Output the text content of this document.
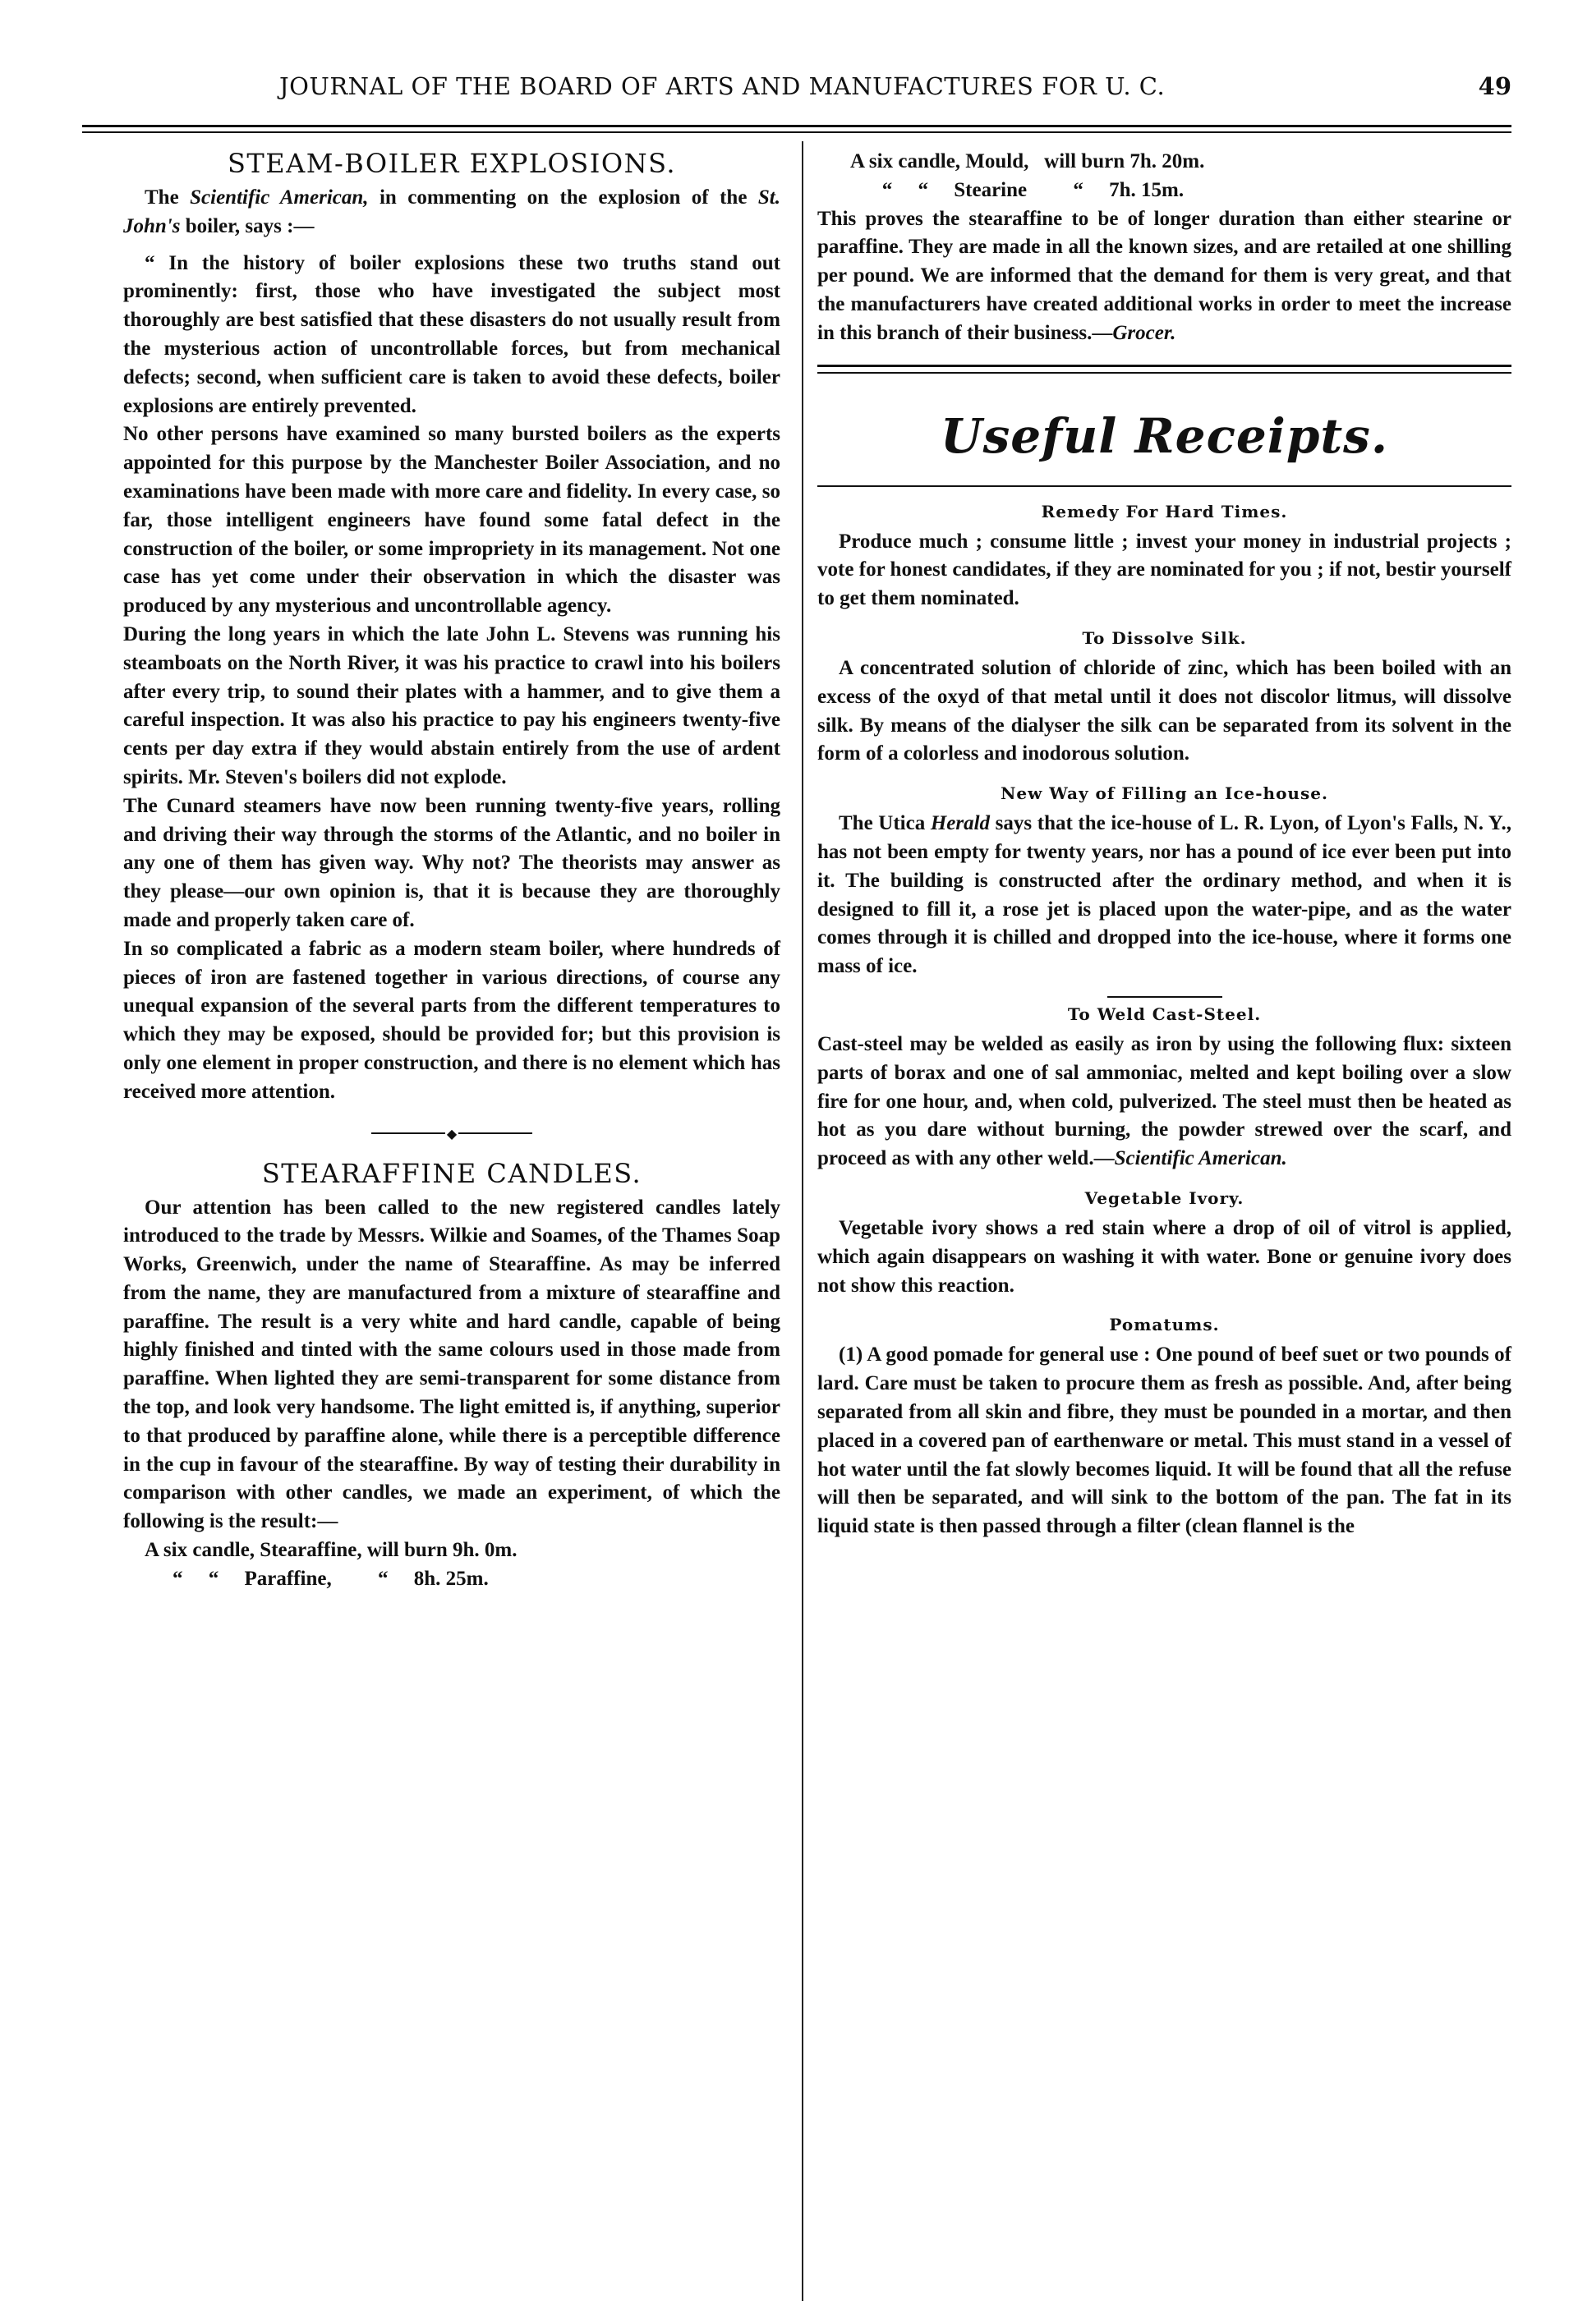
JOURNAL OF THE BOARD OF ARTS AND MANUFACTURES FOR U. C.	49
STEAM-BOILER EXPLOSIONS.

The Scientific American, in commenting on the explosion of the St. John's boiler, says :—

“ In the history of boiler explosions these two truths stand out prominently: first, those who have investigated the subject most thoroughly are best satisfied that these disasters do not usually result from the mysterious action of uncontrollable forces, but from mechanical defects; second, when sufficient care is taken to avoid these defects, boiler explosions are entirely prevented.

No other persons have examined so many bursted boilers as the experts appointed for this purpose by the Manchester Boiler Association, and no examinations have been made with more care and fidelity. In every case, so far, those intelligent engineers have found some fatal defect in the construction of the boiler, or some impropriety in its management. Not one case has yet come under their observation in which the disaster was produced by any mysterious and uncontrollable agency.

During the long years in which the late John L. Stevens was running his steamboats on the North River, it was his practice to crawl into his boilers after every trip, to sound their plates with a hammer, and to give them a careful inspection. It was also his practice to pay his engineers twenty-five cents per day extra if they would abstain entirely from the use of ardent spirits. Mr. Steven's boilers did not explode.

The Cunard steamers have now been running twenty-five years, rolling and driving their way through the storms of the Atlantic, and no boiler in any one of them has given way. Why not? The theorists may answer as they please—our own opinion is, that it is because they are thoroughly made and properly taken care of.

In so complicated a fabric as a modern steam boiler, where hundreds of pieces of iron are fastened together in various directions, of course any unequal expansion of the several parts from the different temperatures to which they may be exposed, should be provided for; but this provision is only one element in proper construction, and there is no element which has received more attention.

◆
STEARAFFINE CANDLES.

Our attention has been called to the new registered candles lately introduced to the trade by Messrs. Wilkie and Soames, of the Thames Soap Works, Greenwich, under the name of Stearaffine. As may be inferred from the name, they are manufactured from a mixture of stearaffine and paraffine. The result is a very white and hard candle, capable of being highly finished and tinted with the same colours used in those made from paraffine. When lighted they are semi-transparent for some distance from the top, and look very handsome. The light emitted is, if anything, superior to that produced by paraffine alone, while there is a perceptible difference in the cup in favour of the stearaffine. By way of testing their durability in comparison with other candles, we made an experiment, of which the following is the result:—

A six candle, Stearaffine, will burn 9h. 0m.
“     “     Paraffine,         “     8h. 25m.
A six candle, Mould,   will burn 7h. 20m.
“     “     Stearine         “     7h. 15m.

This proves the stearaffine to be of longer duration than either stearine or paraffine. They are made in all the known sizes, and are retailed at one shilling per pound. We are informed that the demand for them is very great, and that the manufacturers have created additional works in order to meet the increase in this branch of their business.—Grocer.

Useful Receipts.
Remedy For Hard Times.

Produce much ; consume little ; invest your money in industrial projects ; vote for honest candidates, if they are nominated for you ; if not, bestir yourself to get them nominated.

To Dissolve Silk.

A concentrated solution of chloride of zinc, which has been boiled with an excess of the oxyd of that metal until it does not discolor litmus, will dissolve silk. By means of the dialyser the silk can be separated from its solvent in the form of a colorless and inodorous solution.

New Way of Filling an Ice-house.

The Utica Herald says that the ice-house of L. R. Lyon, of Lyon's Falls, N. Y., has not been empty for twenty years, nor has a pound of ice ever been put into it. The building is constructed after the ordinary method, and when it is designed to fill it, a rose jet is placed upon the water-pipe, and as the water comes through it is chilled and dropped into the ice-house, where it forms one mass of ice.

To Weld Cast-Steel.

Cast-steel may be welded as easily as iron by using the following flux: sixteen parts of borax and one of sal ammoniac, melted and kept boiling over a slow fire for one hour, and, when cold, pulverized. The steel must then be heated as hot as you dare without burning, the powder strewed over the scarf, and proceed as with any other weld.—Scientific American.

Vegetable Ivory.

Vegetable ivory shows a red stain where a drop of oil of vitrol is applied, which again disappears on washing it with water. Bone or genuine ivory does not show this reaction.

Pomatums.

(1) A good pomade for general use : One pound of beef suet or two pounds of lard. Care must be taken to procure them as fresh as possible. And, after being separated from all skin and fibre, they must be pounded in a mortar, and then placed in a covered pan of earthenware or metal. This must stand in a vessel of hot water until the fat slowly becomes liquid. It will be found that all the refuse will then be separated, and will sink to the bottom of the pan. The fat in its liquid state is then passed through a filter (clean flannel is the
